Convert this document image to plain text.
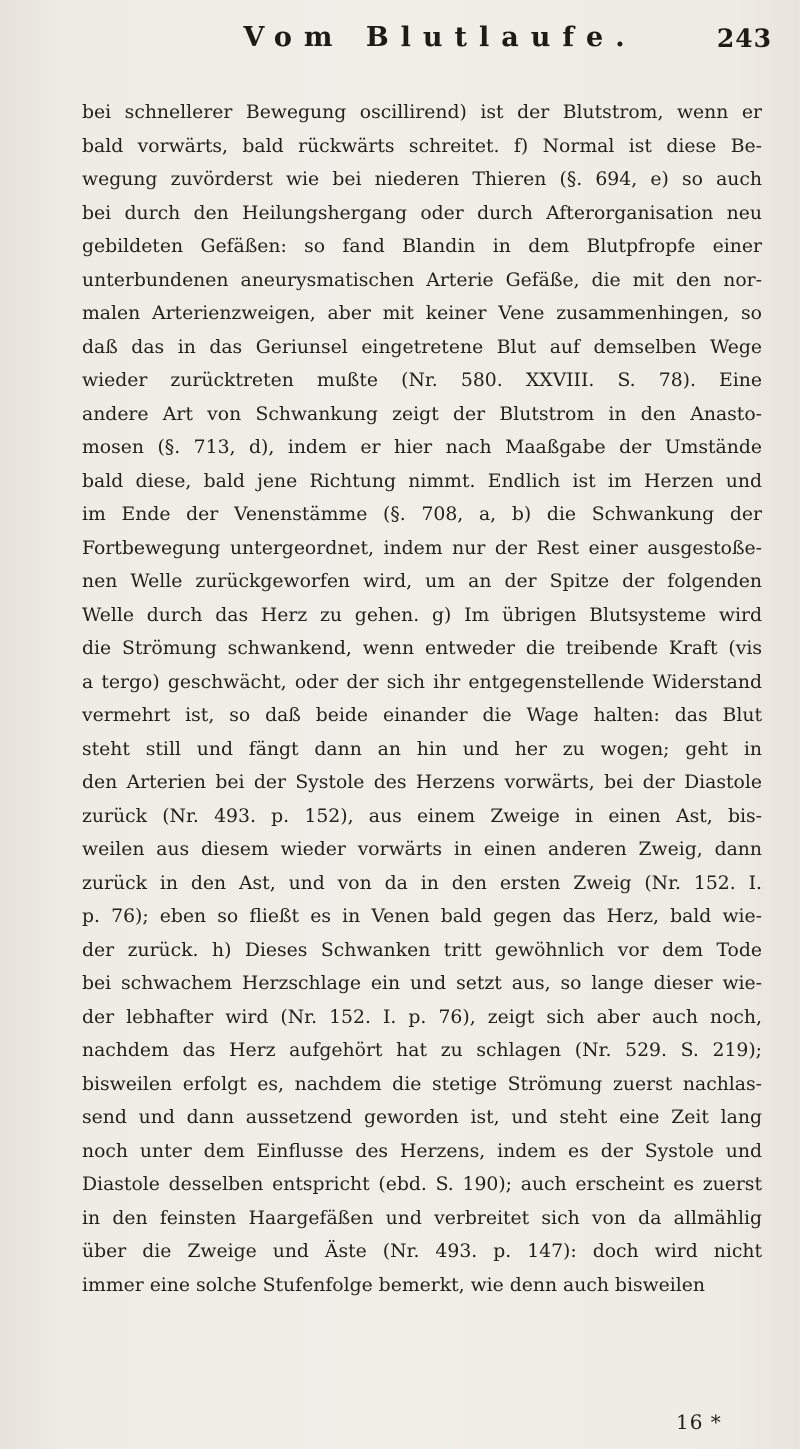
Vom Blutlaufe.	243
bei schnellerer Bewegung oscillirend) ist der Blutstrom, wenn er
bald vorwärts, bald rückwärts schreitet. f) Normal ist diese Be-
wegung zuvörderst wie bei niederen Thieren (§. 694, e) so auch
bei durch den Heilungshergang oder durch Afterorganisation neu
gebildeten Gefäßen: so fand Blandin in dem Blutpfropfe einer
unterbundenen aneurysmatischen Arterie Gefäße, die mit den nor-
malen Arterienzweigen, aber mit keiner Vene zusammenhingen, so
daß das in das Geriunsel eingetretene Blut auf demselben Wege
wieder zurücktreten mußte (Nr. 580. XXVIII. S. 78). Eine
andere Art von Schwankung zeigt der Blutstrom in den Anasto-
mosen (§. 713, d), indem er hier nach Maaßgabe der Umstände
bald diese, bald jene Richtung nimmt. Endlich ist im Herzen und
im Ende der Venenstämme (§. 708, a, b) die Schwankung der
Fortbewegung untergeordnet, indem nur der Rest einer ausgestoße-
nen Welle zurückgeworfen wird, um an der Spitze der folgenden
Welle durch das Herz zu gehen. g) Im übrigen Blutsysteme wird
die Strömung schwankend, wenn entweder die treibende Kraft (vis
a tergo) geschwächt, oder der sich ihr entgegenstellende Widerstand
vermehrt ist, so daß beide einander die Wage halten: das Blut
steht still und fängt dann an hin und her zu wogen; geht in
den Arterien bei der Systole des Herzens vorwärts, bei der Diastole
zurück (Nr. 493. p. 152), aus einem Zweige in einen Ast, bis-
weilen aus diesem wieder vorwärts in einen anderen Zweig, dann
zurück in den Ast, und von da in den ersten Zweig (Nr. 152. I.
p. 76); eben so fließt es in Venen bald gegen das Herz, bald wie-
der zurück. h) Dieses Schwanken tritt gewöhnlich vor dem Tode
bei schwachem Herzschlage ein und setzt aus, so lange dieser wie-
der lebhafter wird (Nr. 152. I. p. 76), zeigt sich aber auch noch,
nachdem das Herz aufgehört hat zu schlagen (Nr. 529. S. 219);
bisweilen erfolgt es, nachdem die stetige Strömung zuerst nachlas-
send und dann aussetzend geworden ist, und steht eine Zeit lang
noch unter dem Einflusse des Herzens, indem es der Systole und
Diastole desselben entspricht (ebd. S. 190); auch erscheint es zuerst
in den feinsten Haargefäßen und verbreitet sich von da allmählig
über die Zweige und Äste (Nr. 493. p. 147): doch wird nicht
immer eine solche Stufenfolge bemerkt, wie denn auch bisweilen
16 *
